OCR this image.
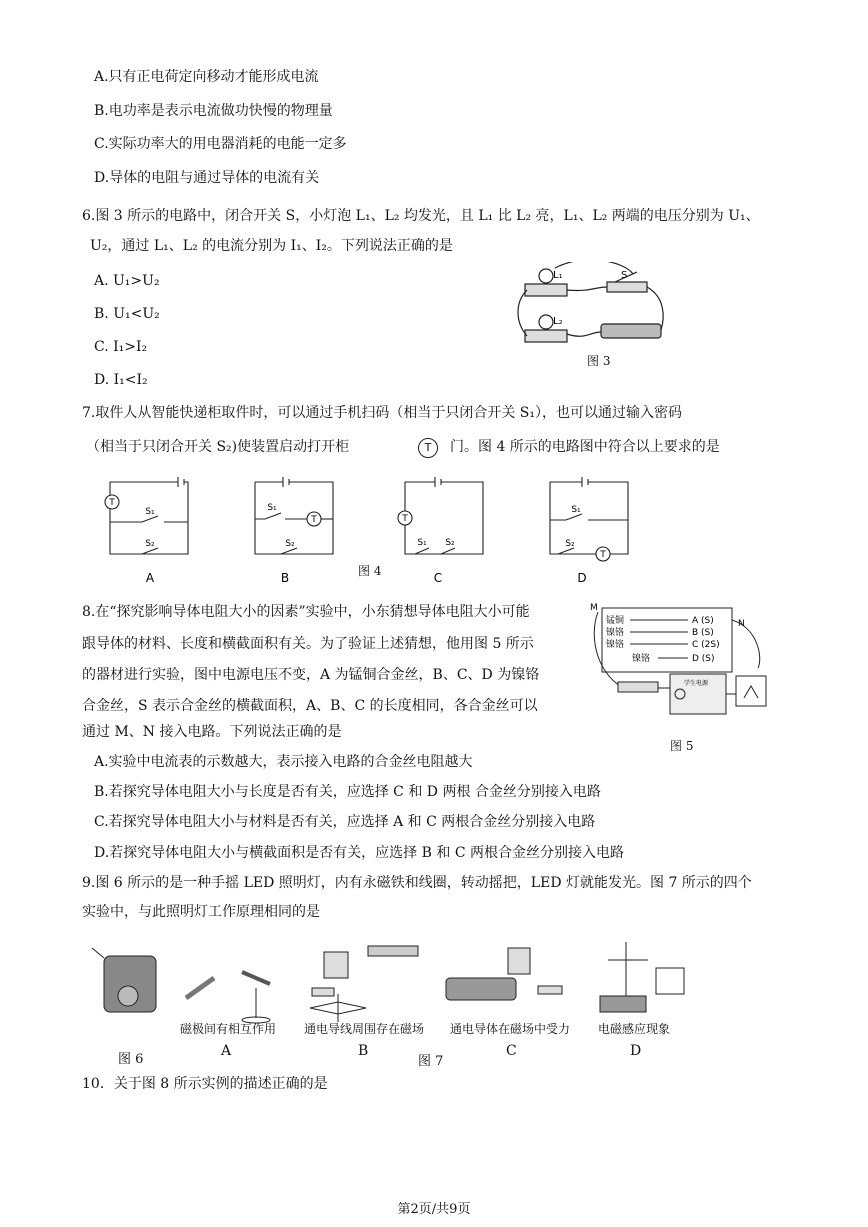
A.只有正电荷定向移动才能形成电流
B.电功率是表示电流做功快慢的物理量
C.实际功率大的用电器消耗的电能一定多
D.导体的电阻与通过导体的电流有关
6.图 3 所示的电路中，闭合开关 S，小灯泡 L₁、L₂ 均发光，且 L₁ 比 L₂ 亮，L₁、L₂ 两端的电压分别为 U₁、
U₂，通过 L₁、L₂ 的电流分别为 I₁、I₂。下列说法正确的是
A. U₁>U₂
B. U₁<U₂
C. I₁>I₂
D. I₁<I₂
L₁
L₂
S
图 3
7.取件人从智能快递柜取件时，可以通过手机扫码（相当于只闭合开关 S₁），也可以通过输入密码
（相当于只闭合开关 S₂)使装置启动打开柜	T	门。图 4 所示的电路图中符合以上要求的是
T
S₁
S₂
T
S₁
S₂
T
S₁ S₂
S₁
S₂
T
A	B	C	D
图 4
8.在“探究影响导体电阻大小的因素”实验中，小东猜想导体电阻大小可能
跟导体的材料、长度和横截面积有关。为了验证上述猜想，他用图 5 所示
的器材进行实验，图中电源电压不变，A 为锰铜合金丝，B、C、D 为镍铬
合金丝，S 表示合金丝的横截面积，A、B、C 的长度相同，各合金丝可以
通过 M、N 接入电路。下列说法正确的是
A.实验中电流表的示数越大，表示接入电路的合金丝电阻越大
B.若探究导体电阻大小与长度是否有关，应选择 C 和 D 两根 合金丝分别接入电路
C.若探究导体电阻大小与材料是否有关，应选择 A 和 C 两根合金丝分别接入电路
D.若探究导体电阻大小与横截面积是否有关，应选择 B 和 C 两根合金丝分别接入电路
M
N
锰铜	A (S)
镍铬	B (S)
镍铬	C (2S)
镍铬	D (S)
学生电源
图 5
9.图 6 所示的是一种手摇 LED 照明灯，内有永磁铁和线圈，转动摇把，LED 灯就能发光。图 7 所示的四个
实验中，与此照明灯工作原理相同的是
磁极间有相互作用 通电导线周围存在磁场 通电导体在磁场中受力 电磁感应现象
图 6
A	B
图 7
C	D
10．关于图 8 所示实例的描述正确的是
第2页/共9页
